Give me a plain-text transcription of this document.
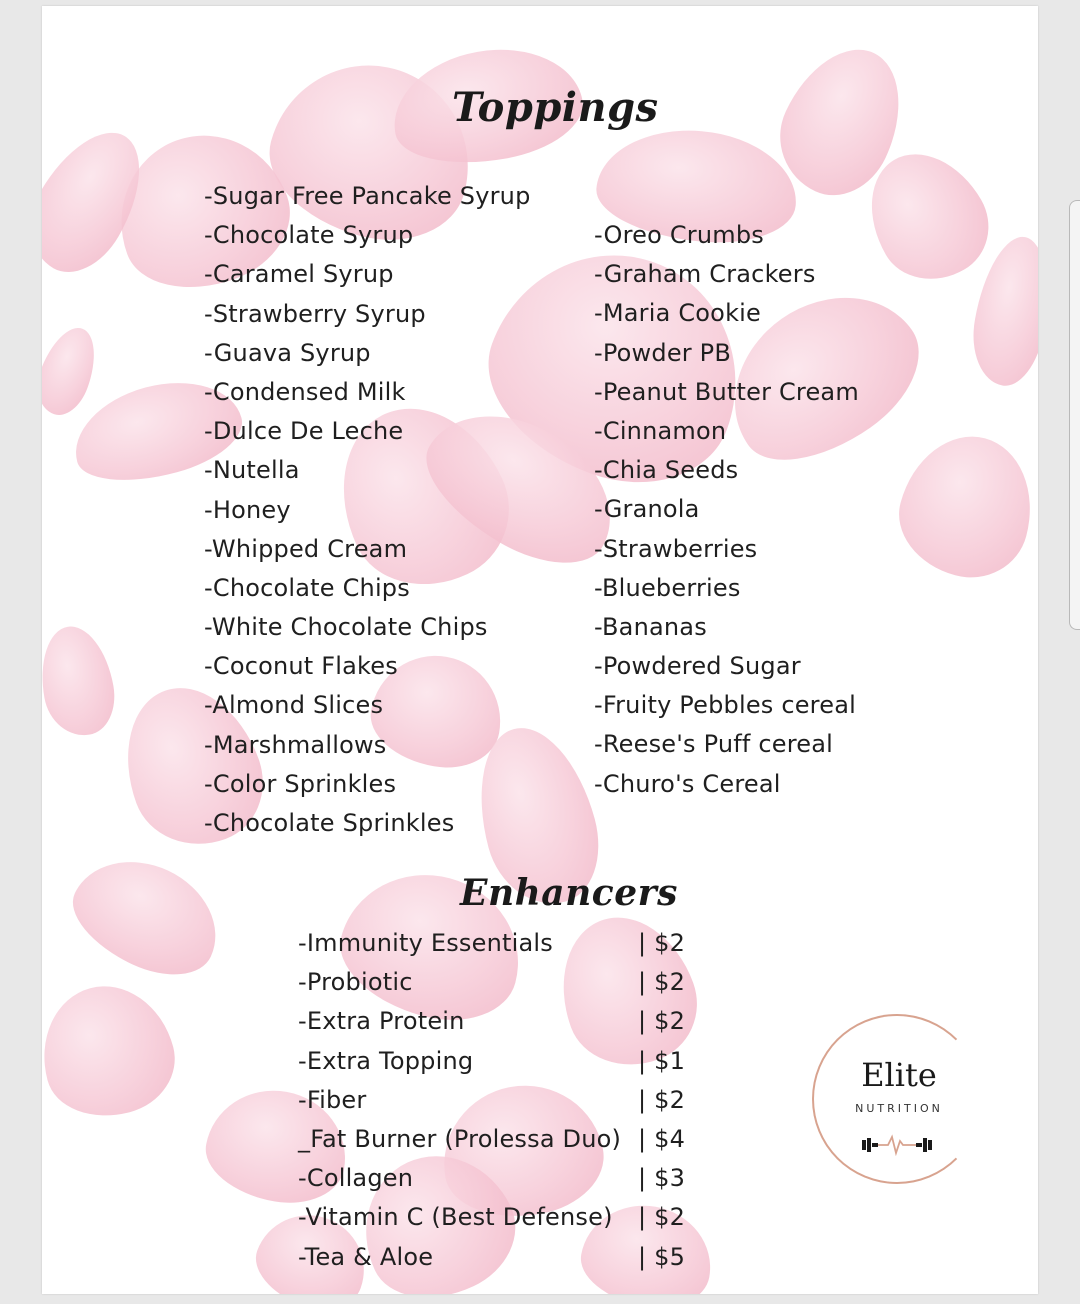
Toppings
-Sugar Free Pancake Syrup
-Chocolate Syrup
-Caramel Syrup
-Strawberry Syrup
-Guava Syrup
-Condensed Milk
-Dulce De Leche
-Nutella
-Honey
-Whipped Cream
-Chocolate Chips
-White Chocolate Chips
-Coconut Flakes
-Almond Slices
-Marshmallows
-Color Sprinkles
-Chocolate Sprinkles
-Oreo Crumbs
-Graham Crackers
-Maria Cookie
-Powder PB
-Peanut Butter Cream
-Cinnamon
-Chia Seeds
-Granola
-Strawberries
-Blueberries
-Bananas
-Powdered Sugar
-Fruity Pebbles cereal
-Reese's Puff cereal
-Churo's Cereal
Enhancers
-Immunity Essentials
-Probiotic
-Extra Protein
-Extra Topping
-Fiber
_Fat Burner (Prolessa Duo)
-Collagen
-Vitamin C (Best Defense)
-Tea & Aloe
| $2
| $2
| $2
| $1
| $2
| $4
| $3
| $2
| $5
Elite
NUTRITION
